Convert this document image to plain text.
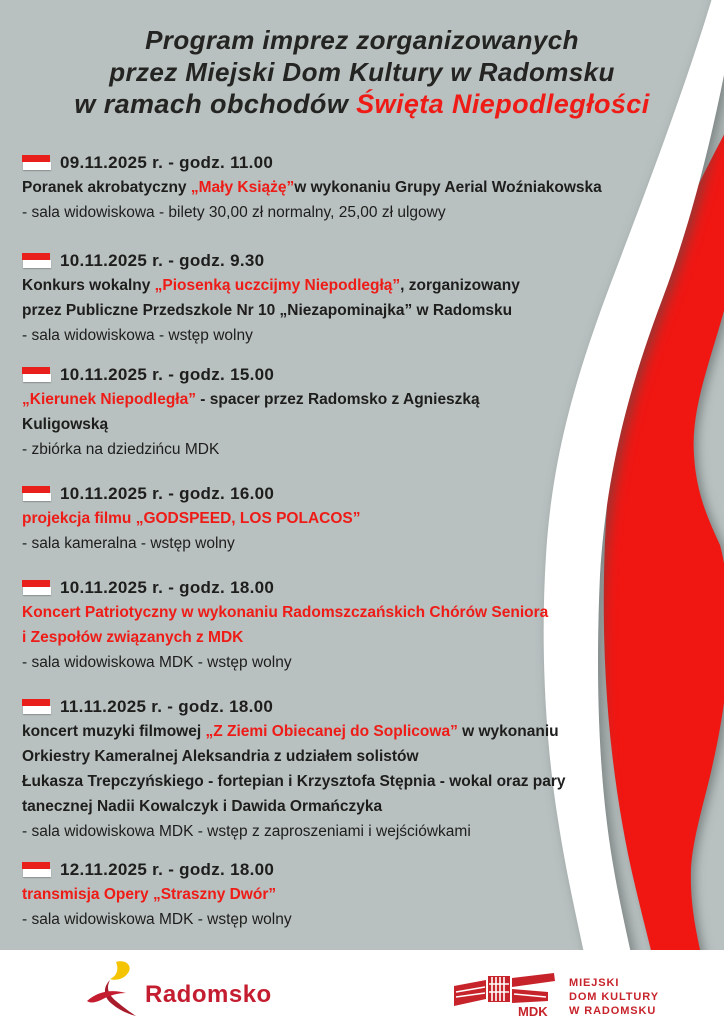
Program imprez zorganizowanych
przez Miejski Dom Kultury w Radomsku
w ramach obchodów Święta Niepodległości
09.11.2025 r. - godz. 11.00
Poranek akrobatyczny „Mały Książę”w wykonaniu Grupy Aerial Woźniakowska
- sala widowiskowa - bilety 30,00 zł normalny, 25,00 zł ulgowy
10.11.2025 r. - godz. 9.30
Konkurs wokalny „Piosenką uczcijmy Niepodległą”, zorganizowany
przez Publiczne Przedszkole Nr 10 „Niezapominajka” w Radomsku
- sala widowiskowa - wstęp wolny
10.11.2025 r. - godz. 15.00
„Kierunek Niepodległa” - spacer przez Radomsko z Agnieszką
Kuligowską
- zbiórka na dziedzińcu MDK
10.11.2025 r. - godz. 16.00
projekcja filmu „GODSPEED, LOS POLACOS”
- sala kameralna - wstęp wolny
10.11.2025 r. - godz. 18.00
Koncert Patriotyczny w wykonaniu Radomszczańskich Chórów Seniora
i Zespołów związanych z MDK
- sala widowiskowa MDK - wstęp wolny
11.11.2025 r. - godz. 18.00
koncert muzyki filmowej „Z Ziemi Obiecanej do Soplicowa” w wykonaniu
Orkiestry Kameralnej Aleksandria z udziałem solistów
Łukasza Trepczyńskiego - fortepian i Krzysztofa Stępnia - wokal oraz pary
tanecznej Nadii Kowalczyk i Dawida Ormańczyka
- sala widowiskowa MDK - wstęp z zaproszeniami i wejściówkami
12.11.2025 r. - godz. 18.00
transmisja Opery „Straszny Dwór”
- sala widowiskowa MDK - wstęp wolny
Radomsko
MDK
MIEJSKI
DOM KULTURY
W RADOMSKU
